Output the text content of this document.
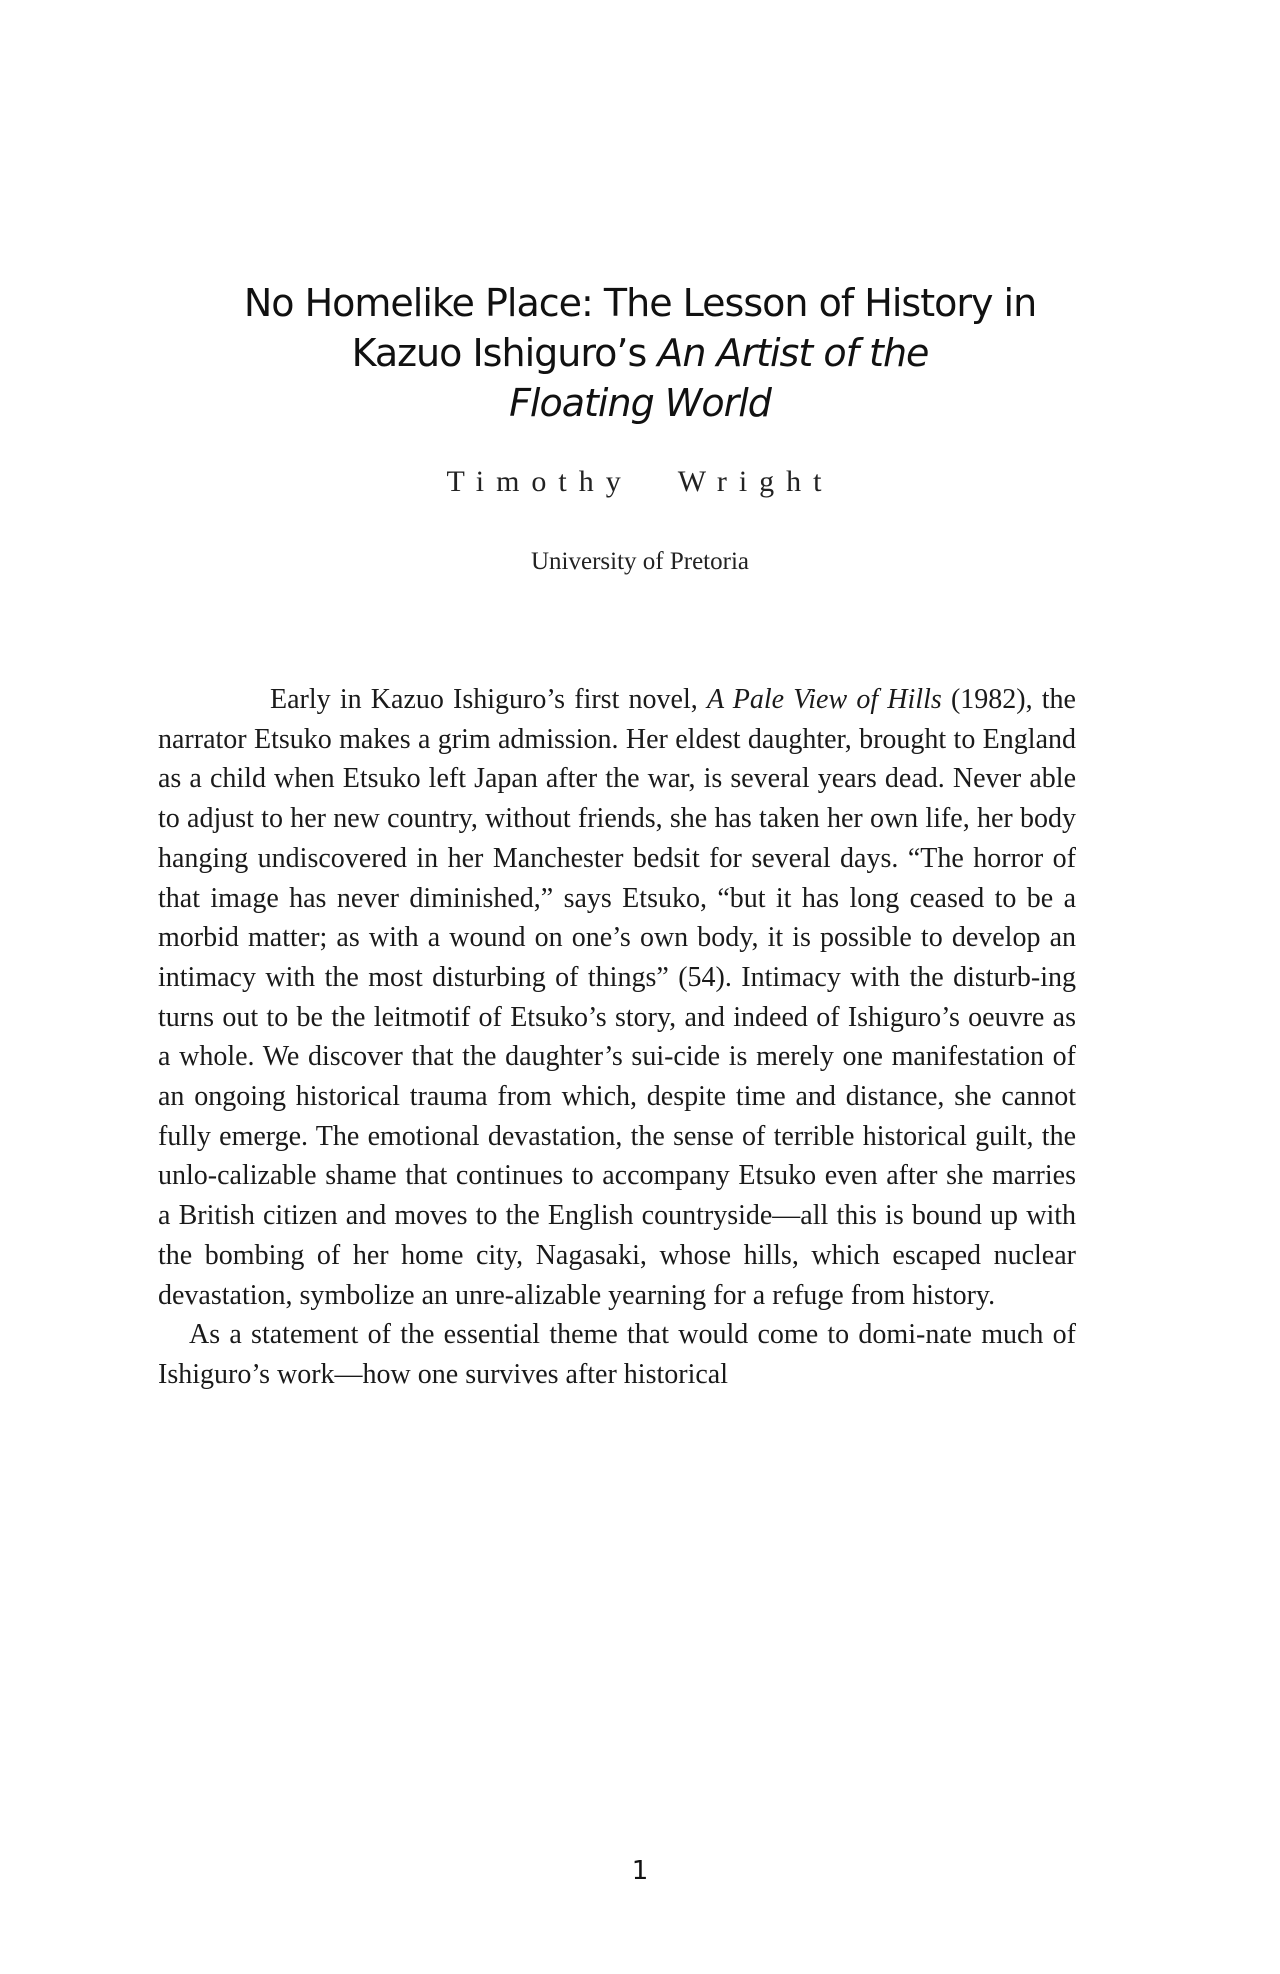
No Homelike Place: The Lesson of History in
Kazuo Ishiguro’s An Artist of the
Floating World
Timothy Wright
University of Pretoria

Early in Kazuo Ishiguro’s first novel, A Pale View of Hills (1982), the narrator Etsuko makes a grim admission. Her eldest daughter, brought to England as a child when Etsuko left Japan after the war, is several years dead. Never able to adjust to her new country, without friends, she has taken her own life, her body hanging undiscovered in her Manchester bedsit for several days. “The horror of that image has never diminished,” says Etsuko, “but it has long ceased to be a morbid matter; as with a wound on one’s own body, it is possible to develop an intimacy with the most disturbing of things” (54). Intimacy with the disturb-ing turns out to be the leitmotif of Etsuko’s story, and indeed of Ishiguro’s oeuvre as a whole. We discover that the daughter’s sui-cide is merely one manifestation of an ongoing historical trauma from which, despite time and distance, she cannot fully emerge. The emotional devastation, the sense of terrible historical guilt, the unlo-calizable shame that continues to accompany Etsuko even after she marries a British citizen and moves to the English countryside—all this is bound up with the bombing of her home city, Nagasaki, whose hills, which escaped nuclear devastation, symbolize an unre-alizable yearning for a refuge from history.

As a statement of the essential theme that would come to domi-nate much of Ishiguro’s work—how one survives after historical

1
